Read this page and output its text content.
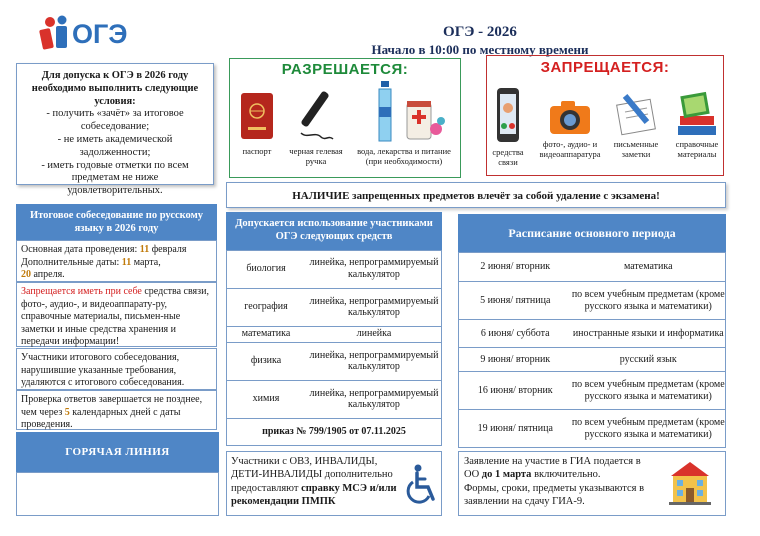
ОГЭ	ОГЭ - 2026
Начало в 10:00 по местному времени
Для допуска к ОГЭ в 2026 году необходимо выполнить следующие условия:
- получить «зачёт» за итоговое собеседование;
- не иметь академической задолженности;
- иметь годовые отметки по всем предметам не ниже удовлетворительных.
РАЗРЕШАЕТСЯ:
паспорт	черная гелевая ручка
вода, лекарства и питание (при необходимости)
ЗАПРЕЩАЕТСЯ:
средства связи
фото-, аудио- и видеоаппаратура
письменные заметки
справочные материалы
НАЛИЧИЕ запрещенных предметов влечёт за собой удаление с экзамена!
Итоговое собеседование по русскому языку в 2026 году
Основная дата проведения: 11 февраля
Дополнительные даты: 11 марта,
20 апреля.
Запрещается иметь при себе средства связи, фото-, аудио-, и видеоаппарату-ру, справочные материалы, письмен-ные заметки и иные средства хранения и передачи информации!
Участники итогового собеседования, нарушившие указанные требования, удаляются с итогового собеседования.
Проверка ответов завершается не позднее, чем через 5 календарных дней с даты проведения.
ГОРЯЧАЯ ЛИНИЯ
Допускается использование участниками ОГЭ следующих средств
биология	линейка, непрограммируемый калькулятор
география	линейка, непрограммируемый калькулятор
математика	линейка
физика	линейка, непрограммируемый калькулятор
химия	линейка, непрограммируемый калькулятор
приказ № 799/1905 от 07.11.2025
Расписание основного периода
2 июня/ вторник	математика
5 июня/ пятница	по всем учебным предметам (кроме русского языка и математики)
6 июня/ суббота	иностранные языки и информатика
9 июня/ вторник	русский язык
16 июня/ вторник	по всем учебным предметам (кроме русского языка и математики)
19 июня/ пятница	по всем учебным предметам (кроме русского языка и математики)
Участники с ОВЗ, ИНВАЛИДЫ, ДЕТИ-ИНВАЛИДЫ дополнительно предоставляют справку МСЭ и/или рекомендации ПМПК
Заявление на участие в ГИА подается в ОО до 1 марта включительно.
Формы, сроки, предметы указываются в заявлении на сдачу ГИА-9.
